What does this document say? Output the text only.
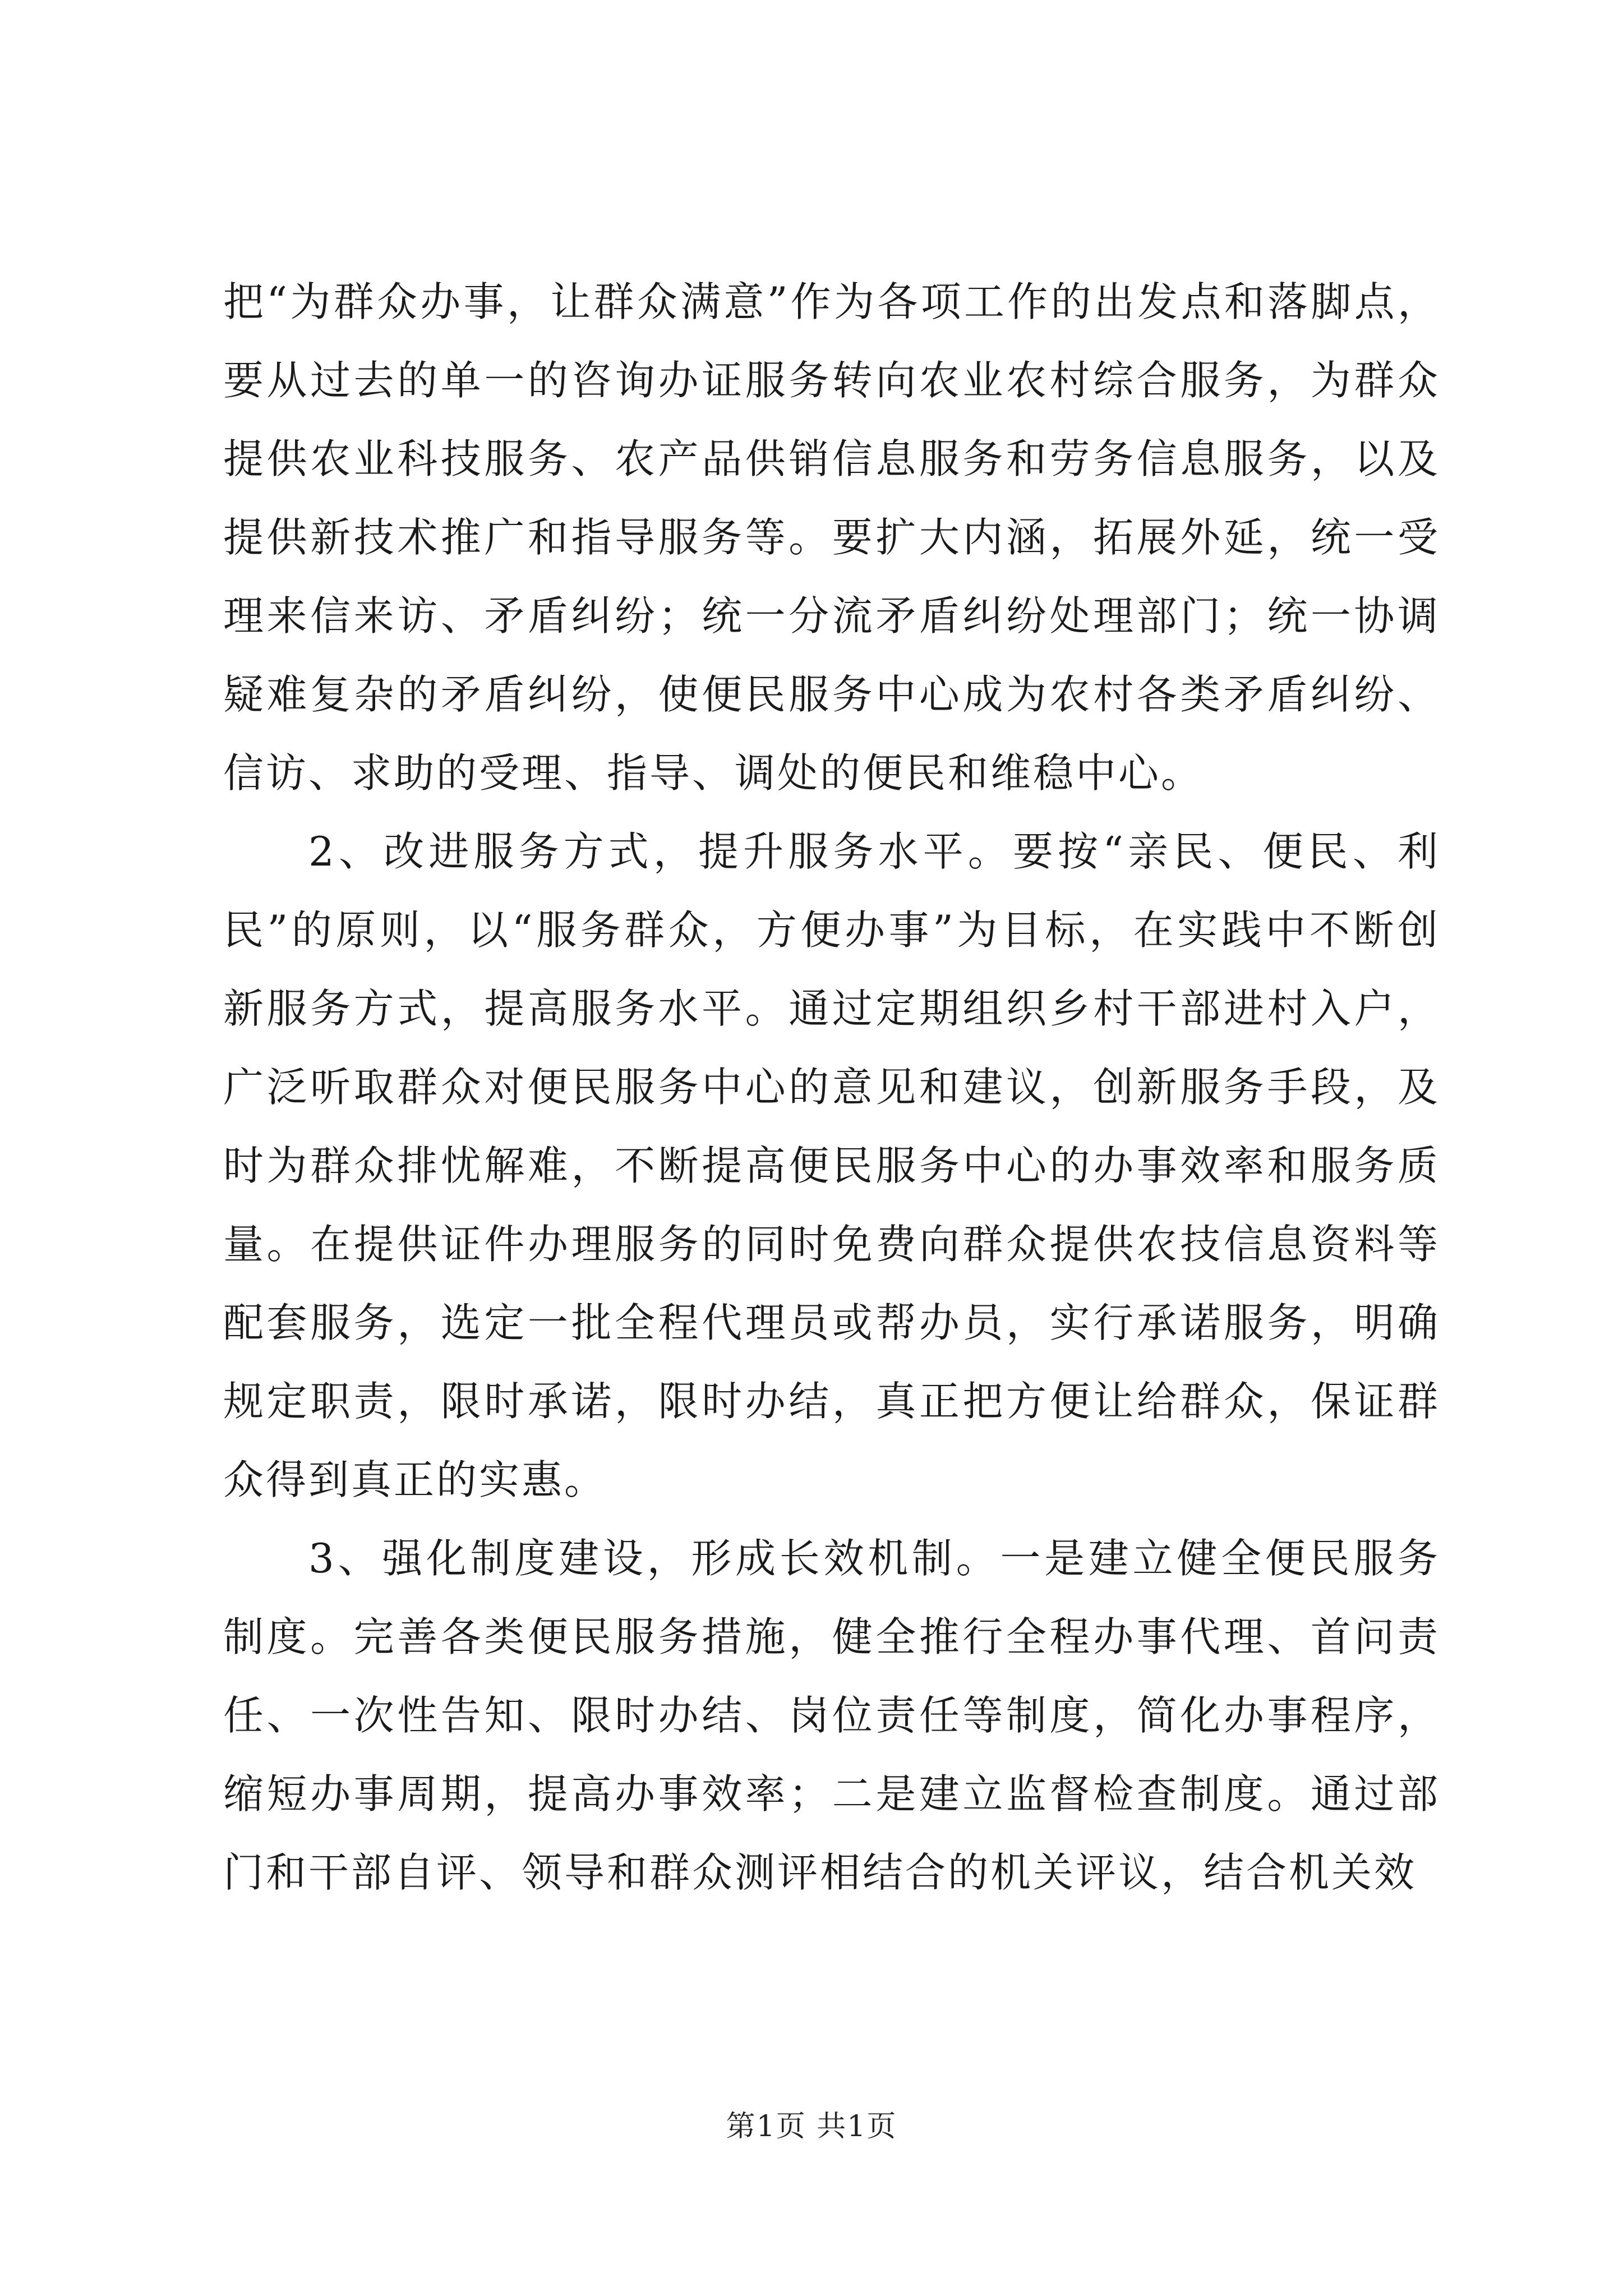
把“为群众办事，让群众满意”作为各项工作的出发点和落脚点，要从过去的单一的咨询办证服务转向农业农村综合服务，为群众提供农业科技服务、农产品供销信息服务和劳务信息服务，以及提供新技术推广和指导服务等。要扩大内涵，拓展外延，统一受理来信来访、矛盾纠纷；统一分流矛盾纠纷处理部门；统一协调疑难复杂的矛盾纠纷，使便民服务中心成为农村各类矛盾纠纷、信访、求助的受理、指导、调处的便民和维稳中心。

2、改进服务方式，提升服务水平。要按“亲民、便民、利民”的原则，以“服务群众，方便办事”为目标，在实践中不断创新服务方式，提高服务水平。通过定期组织乡村干部进村入户，广泛听取群众对便民服务中心的意见和建议，创新服务手段，及时为群众排忧解难，不断提高便民服务中心的办事效率和服务质量。在提供证件办理服务的同时免费向群众提供农技信息资料等配套服务，选定一批全程代理员或帮办员，实行承诺服务，明确规定职责，限时承诺，限时办结，真正把方便让给群众，保证群众得到真正的实惠。

3、强化制度建设，形成长效机制。一是建立健全便民服务制度。完善各类便民服务措施，健全推行全程办事代理、首问责任、一次性告知、限时办结、岗位责任等制度，简化办事程序，缩短办事周期，提高办事效率；二是建立监督检查制度。通过部门和干部自评、领导和群众测评相结合的机关评议，结合机关效

第1页 共1页
